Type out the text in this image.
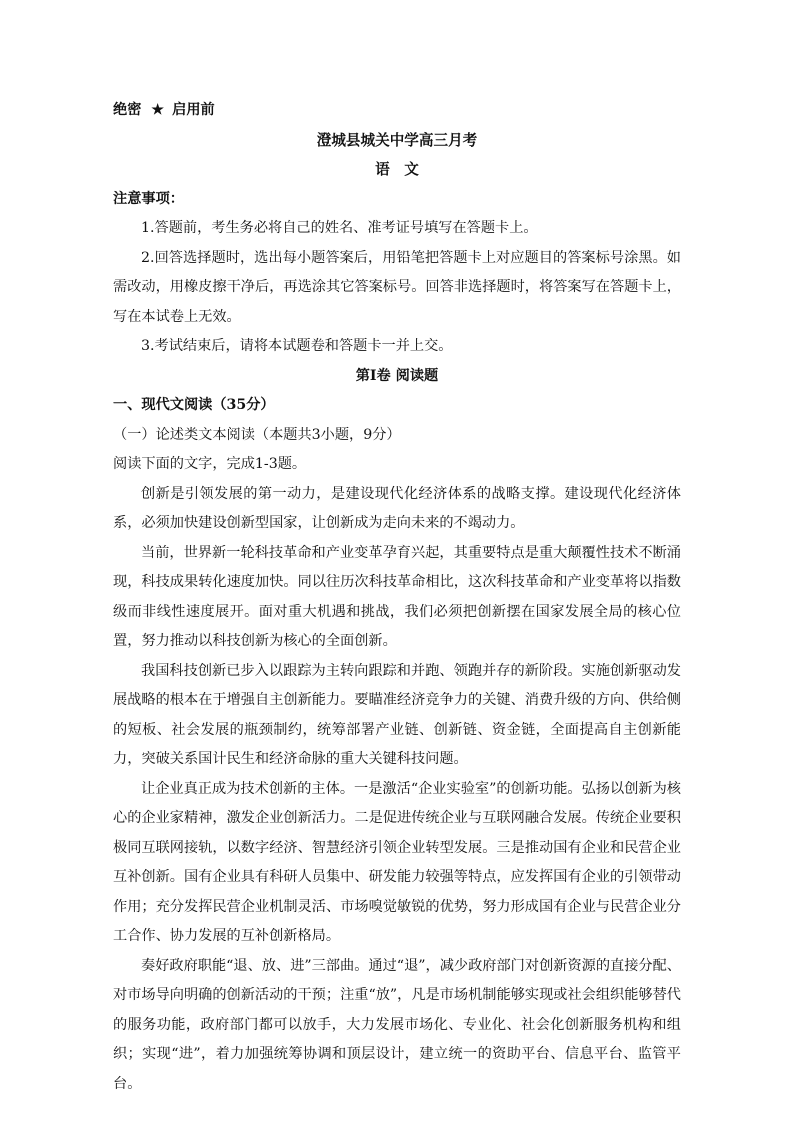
绝密 ★ 启用前

澄城县城关中学高三月考

语　文

注意事项：

1.答题前，考生务必将自己的姓名、准考证号填写在答题卡上。

2.回答选择题时，选出每小题答案后，用铅笔把答题卡上对应题目的答案标号涂黑。如需改动，用橡皮擦干净后，再选涂其它答案标号。回答非选择题时，将答案写在答题卡上，写在本试卷上无效。

3.考试结束后，请将本试题卷和答题卡一并上交。

第Ⅰ卷 阅读题

一、现代文阅读（35分）

（一）论述类文本阅读（本题共3小题，9分）

阅读下面的文字，完成1-3题。

创新是引领发展的第一动力，是建设现代化经济体系的战略支撑。建设现代化经济体系，必须加快建设创新型国家，让创新成为走向未来的不竭动力。

当前，世界新一轮科技革命和产业变革孕育兴起，其重要特点是重大颠覆性技术不断涌现，科技成果转化速度加快。同以往历次科技革命相比，这次科技革命和产业变革将以指数级而非线性速度展开。面对重大机遇和挑战，我们必须把创新摆在国家发展全局的核心位置，努力推动以科技创新为核心的全面创新。

我国科技创新已步入以跟踪为主转向跟踪和并跑、领跑并存的新阶段。实施创新驱动发展战略的根本在于增强自主创新能力。要瞄准经济竞争力的关键、消费升级的方向、供给侧的短板、社会发展的瓶颈制约，统筹部署产业链、创新链、资金链，全面提高自主创新能力，突破关系国计民生和经济命脉的重大关键科技问题。

让企业真正成为技术创新的主体。一是激活“企业实验室”的创新功能。弘扬以创新为核心的企业家精神，激发企业创新活力。二是促进传统企业与互联网融合发展。传统企业要积极同互联网接轨，以数字经济、智慧经济引领企业转型发展。三是推动国有企业和民营企业互补创新。国有企业具有科研人员集中、研发能力较强等特点，应发挥国有企业的引领带动作用；充分发挥民营企业机制灵活、市场嗅觉敏锐的优势，努力形成国有企业与民营企业分工合作、协力发展的互补创新格局。

奏好政府职能“退、放、进”三部曲。通过“退”，减少政府部门对创新资源的直接分配、对市场导向明确的创新活动的干预；注重“放”，凡是市场机制能够实现或社会组织能够替代的服务功能，政府部门都可以放手，大力发展市场化、专业化、社会化创新服务机构和组织；实现“进”，着力加强统筹协调和顶层设计，建立统一的资助平台、信息平台、监管平台。
